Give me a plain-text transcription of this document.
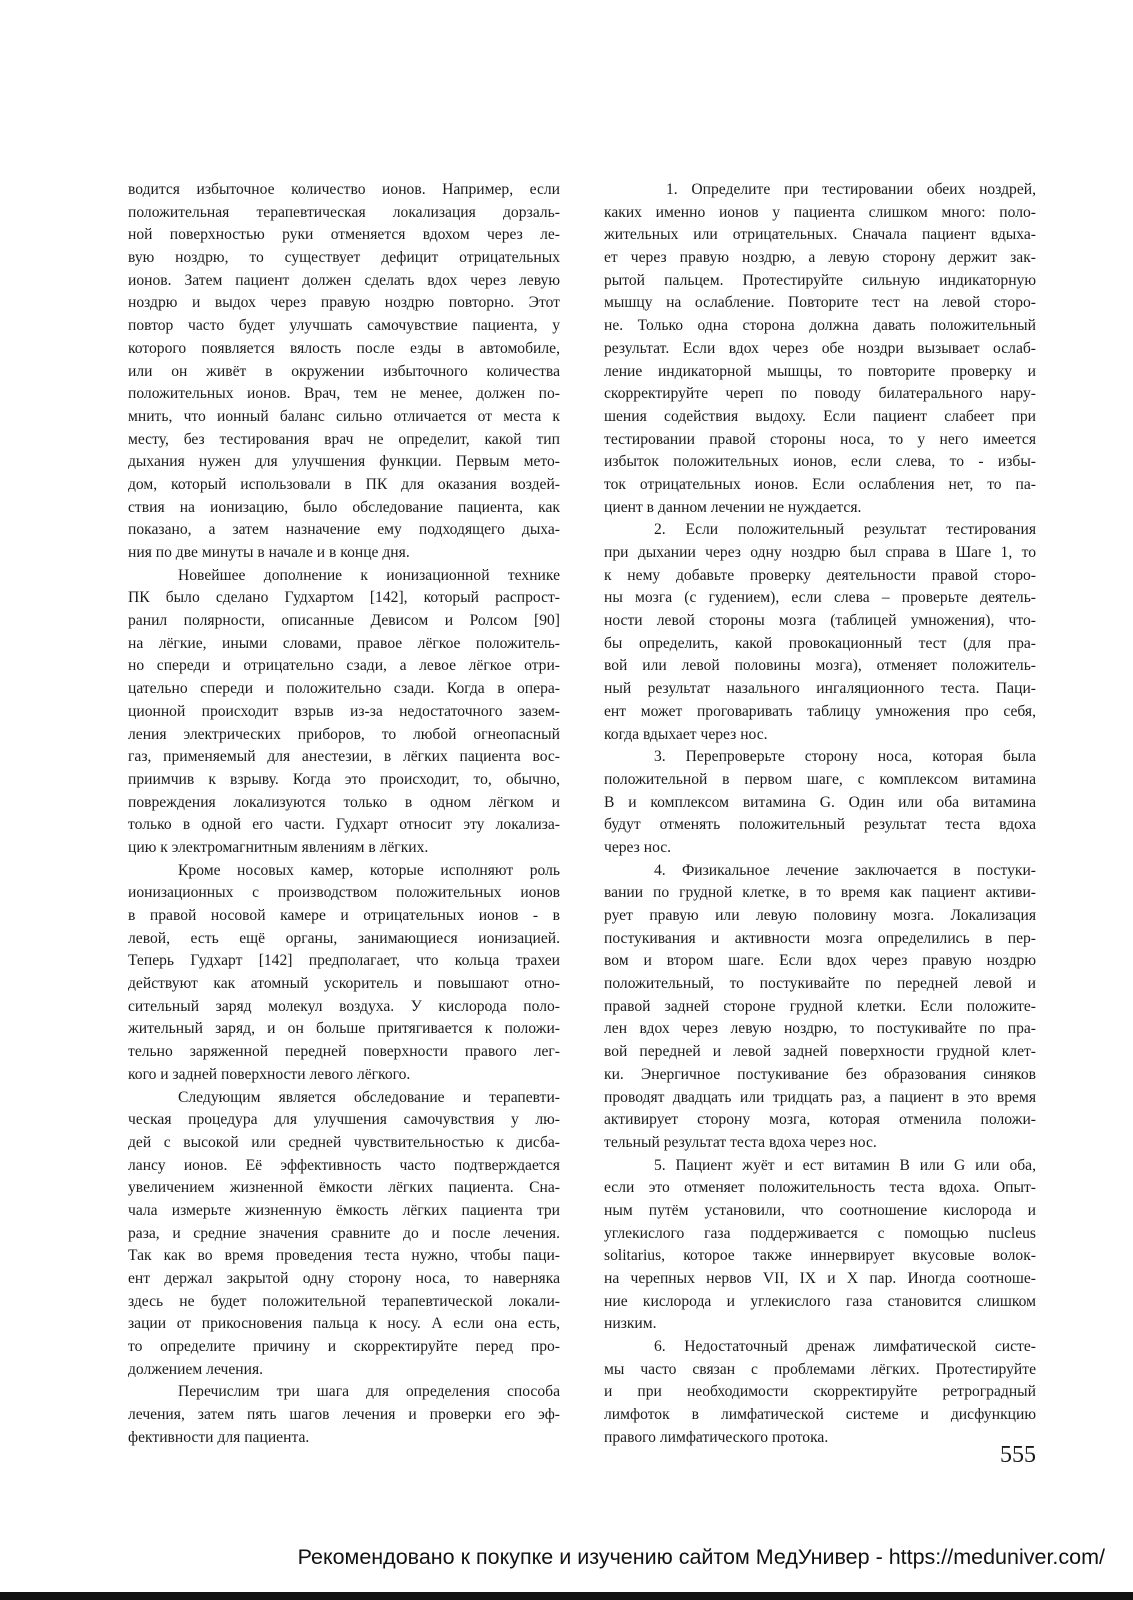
водится избыточное количество ионов. Например, если
положительная терапевтическая локализация дорзаль-
ной поверхностью руки отменяется вдохом через ле-
вую ноздрю, то существует дефицит отрицательных
ионов. Затем пациент должен сделать вдох через левую
ноздрю и выдох через правую ноздрю повторно. Этот
повтор часто будет улучшать самочувствие пациента, у
которого появляется вялость после езды в автомобиле,
или он живёт в окружении избыточного количества
положительных ионов. Врач, тем не менее, должен по-
мнить, что ионный баланс сильно отличается от места к
месту, без тестирования врач не определит, какой тип
дыхания нужен для улучшения функции. Первым мето-
дом, который использовали в ПК для оказания воздей-
ствия на ионизацию, было обследование пациента, как
показано, а затем назначение ему подходящего дыха-
ния по две минуты в начале и в конце дня.
Новейшее дополнение к ионизационной технике
ПК было сделано Гудхартом [142], который распрост-
ранил полярности, описанные Девисом и Ролсом [90]
на лёгкие, иными словами, правое лёгкое положитель-
но спереди и отрицательно сзади, а левое лёгкое отри-
цательно спереди и положительно сзади. Когда в опера-
ционной происходит взрыв из-за недостаточного зазем-
ления электрических приборов, то любой огнеопасный
газ, применяемый для анестезии, в лёгких пациента вос-
приимчив к взрыву. Когда это происходит, то, обычно,
повреждения локализуются только в одном лёгком и
только в одной его части. Гудхарт относит эту локализа-
цию к электромагнитным явлениям в лёгких.
Кроме носовых камер, которые исполняют роль
ионизационных с производством положительных ионов
в правой носовой камере и отрицательных ионов - в
левой, есть ещё органы, занимающиеся ионизацией.
Теперь Гудхарт [142] предполагает, что кольца трахеи
действуют как атомный ускоритель и повышают отно-
сительный заряд молекул воздуха. У кислорода поло-
жительный заряд, и он больше притягивается к положи-
тельно заряженной передней поверхности правого лег-
кого и задней поверхности левого лёгкого.
Следующим является обследование и терапевти-
ческая процедура для улучшения самочувствия у лю-
дей с высокой или средней чувствительностью к дисба-
лансу ионов. Её эффективность часто подтверждается
увеличением жизненной ёмкости лёгких пациента. Сна-
чала измерьте жизненную ёмкость лёгких пациента три
раза, и средние значения сравните до и после лечения.
Так как во время проведения теста нужно, чтобы паци-
ент держал закрытой одну сторону носа, то наверняка
здесь не будет положительной терапевтической локали-
зации от прикосновения пальца к носу. А если она есть,
то определите причину и скорректируйте перед про-
должением лечения.
Перечислим три шага для определения способа
лечения, затем пять шагов лечения и проверки его эф-
фективности для пациента.
1. Определите при тестировании обеих ноздрей,
каких именно ионов у пациента слишком много: поло-
жительных или отрицательных. Сначала пациент вдыха-
ет через правую ноздрю, а левую сторону держит зак-
рытой пальцем. Протестируйте сильную индикаторную
мышцу на ослабление. Повторите тест на левой сторо-
не. Только одна сторона должна давать положительный
результат. Если вдох через обе ноздри вызывает ослаб-
ление индикаторной мышцы, то повторите проверку и
скорректируйте череп по поводу билатерального нару-
шения содействия выдоху. Если пациент слабеет при
тестировании правой стороны носа, то у него имеется
избыток положительных ионов, если слева, то - избы-
ток отрицательных ионов. Если ослабления нет, то па-
циент в данном лечении не нуждается.
2. Если положительный результат тестирования
при дыхании через одну ноздрю был справа в Шаге 1, то
к нему добавьте проверку деятельности правой сторо-
ны мозга (с гудением), если слева – проверьте деятель-
ности левой стороны мозга (таблицей умножения), что-
бы определить, какой провокационный тест (для пра-
вой или левой половины мозга), отменяет положитель-
ный результат назального ингаляционного теста. Паци-
ент может проговаривать таблицу умножения про себя,
когда вдыхает через нос.
3. Перепроверьте сторону носа, которая была
положительной в первом шаге, с комплексом витамина
В и комплексом витамина G. Один или оба витамина
будут отменять положительный результат теста вдоха
через нос.
4. Физикальное лечение заключается в постуки-
вании по грудной клетке, в то время как пациент активи-
рует правую или левую половину мозга. Локализация
постукивания и активности мозга определились в пер-
вом и втором шаге. Если вдох через правую ноздрю
положительный, то постукивайте по передней левой и
правой задней стороне грудной клетки. Если положите-
лен вдох через левую ноздрю, то постукивайте по пра-
вой передней и левой задней поверхности грудной клет-
ки. Энергичное постукивание без образования синяков
проводят двадцать или тридцать раз, а пациент в это время
активирует сторону мозга, которая отменила положи-
тельный результат теста вдоха через нос.
5. Пациент жуёт и ест витамин В или G или оба,
если это отменяет положительность теста вдоха. Опыт-
ным путём установили, что соотношение кислорода и
углекислого газа поддерживается с помощью nucleus
solitarius, которое также иннервирует вкусовые волок-
на черепных нервов VII, IX и X пар. Иногда соотноше-
ние кислорода и углекислого газа становится слишком
низким.
6. Недостаточный дренаж лимфатической систе-
мы часто связан с проблемами лёгких. Протестируйте
и при необходимости скорректируйте ретроградный
лимфоток в лимфатической системе и дисфункцию
правого лимфатического протока.
555
Рекомендовано к покупке и изучению сайтом МедУнивер - https://meduniver.com/
